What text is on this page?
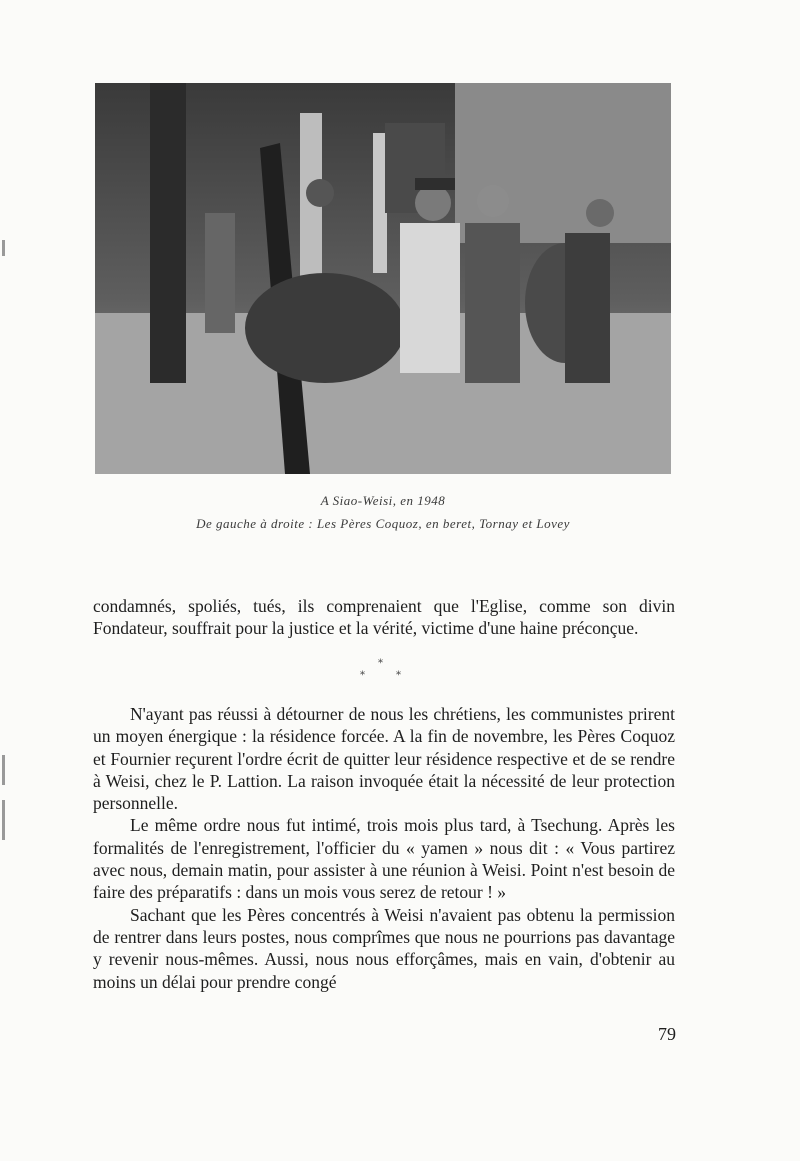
A Siao-Weisi, en 1948
De gauche à droite : Les Pères Coquoz, en beret, Tornay et Lovey

condamnés, spoliés, tués, ils comprenaient que l'Eglise, comme son divin Fondateur, souffrait pour la justice et la vérité, victime d'une haine préconçue.

*
*	*

N'ayant pas réussi à détourner de nous les chrétiens, les communistes prirent un moyen énergique : la résidence forcée. A la fin de novembre, les Pères Coquoz et Fournier reçurent l'ordre écrit de quitter leur résidence respective et de se rendre à Weisi, chez le P. Lattion. La raison invoquée était la nécessité de leur protection personnelle.

Le même ordre nous fut intimé, trois mois plus tard, à Tsechung. Après les formalités de l'enregistrement, l'officier du « yamen » nous dit : « Vous partirez avec nous, demain matin, pour assister à une réunion à Weisi. Point n'est besoin de faire des préparatifs : dans un mois vous serez de retour ! »

Sachant que les Pères concentrés à Weisi n'avaient pas obtenu la permission de rentrer dans leurs postes, nous comprîmes que nous ne pourrions pas davantage y revenir nous-mêmes. Aussi, nous nous efforçâmes, mais en vain, d'obtenir au moins un délai pour prendre congé

79
